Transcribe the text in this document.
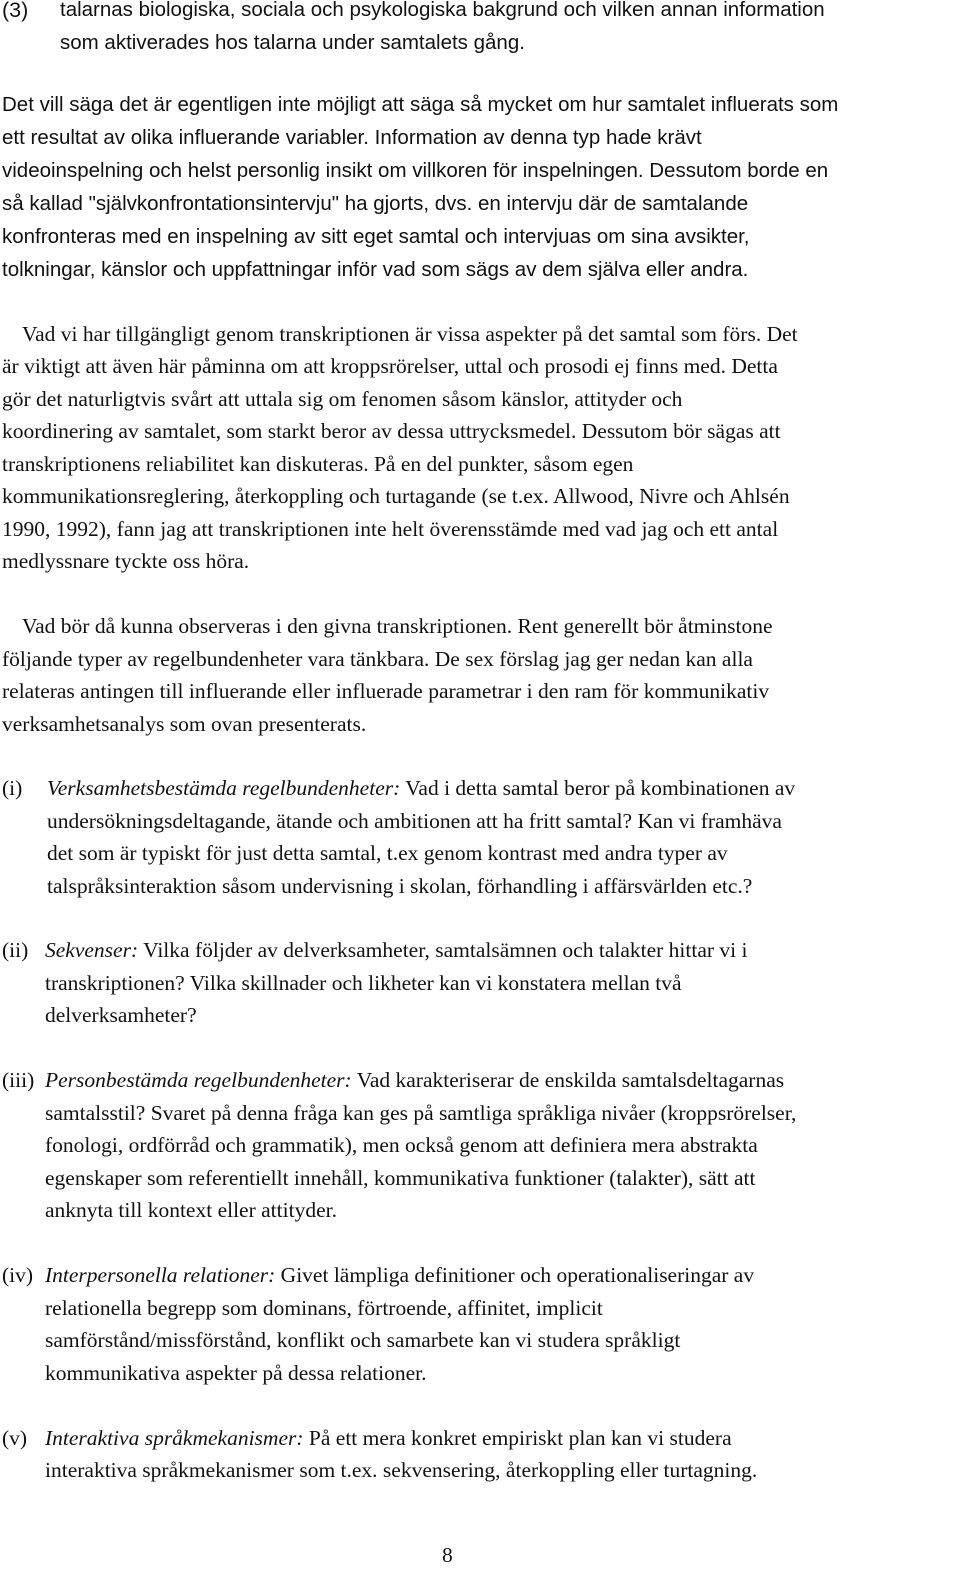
(3) talarnas biologiska, sociala och psykologiska bakgrund och vilken annan information
som aktiverades hos talarna under samtalets gång.
Det vill säga det är egentligen inte möjligt att säga så mycket om hur samtalet influerats som
ett resultat av olika influerande variabler. Information av denna typ hade krävt
videoinspelning och helst personlig insikt om villkoren för inspelningen. Dessutom borde en
så kallad "självkonfrontationsintervju" ha gjorts, dvs. en intervju där de samtalande
konfronteras med en inspelning av sitt eget samtal och intervjuas om sina avsikter,
tolkningar, känslor och uppfattningar inför vad som sägs av dem själva eller andra.
Vad vi har tillgängligt genom transkriptionen är vissa aspekter på det samtal som förs. Det
är viktigt att även här påminna om att kroppsrörelser, uttal och prosodi ej finns med. Detta
gör det naturligtvis svårt att uttala sig om fenomen såsom känslor, attityder och
koordinering av samtalet, som starkt beror av dessa uttrycksmedel. Dessutom bör sägas att
transkriptionens reliabilitet kan diskuteras. På en del punkter, såsom egen
kommunikationsreglering, återkoppling och turtagande (se t.ex. Allwood, Nivre och Ahlsén
1990, 1992), fann jag att transkriptionen inte helt överensstämde med vad jag och ett antal
medlyssnare tyckte oss höra.
Vad bör då kunna observeras i den givna transkriptionen. Rent generellt bör åtminstone
följande typer av regelbundenheter vara tänkbara. De sex förslag jag ger nedan kan alla
relateras antingen till influerande eller influerade parametrar i den ram för kommunikativ
verksamhetsanalys som ovan presenterats.
(i) Verksamhetsbestämda regelbundenheter: Vad i detta samtal beror på kombinationen av
undersökningsdeltagande, ätande och ambitionen att ha fritt samtal? Kan vi framhäva
det som är typiskt för just detta samtal, t.ex genom kontrast med andra typer av
talspråksinteraktion såsom undervisning i skolan, förhandling i affärsvärlden etc.?
(ii) Sekvenser: Vilka följder av delverksamheter, samtalsämnen och talakter hittar vi i
transkriptionen? Vilka skillnader och likheter kan vi konstatera mellan två
delverksamheter?
(iii) Personbestämda regelbundenheter: Vad karakteriserar de enskilda samtalsdeltagarnas
samtalsstil? Svaret på denna fråga kan ges på samtliga språkliga nivåer (kroppsrörelser,
fonologi, ordförråd och grammatik), men också genom att definiera mera abstrakta
egenskaper som referentiellt innehåll, kommunikativa funktioner (talakter), sätt att
anknyta till kontext eller attityder.
(iv) Interpersonella relationer: Givet lämpliga definitioner och operationaliseringar av
relationella begrepp som dominans, förtroende, affinitet, implicit
samförstånd/missförstånd, konflikt och samarbete kan vi studera språkligt
kommunikativa aspekter på dessa relationer.
(v) Interaktiva språkmekanismer: På ett mera konkret empiriskt plan kan vi studera
interaktiva språkmekanismer som t.ex. sekvensering, återkoppling eller turtagning.
8
